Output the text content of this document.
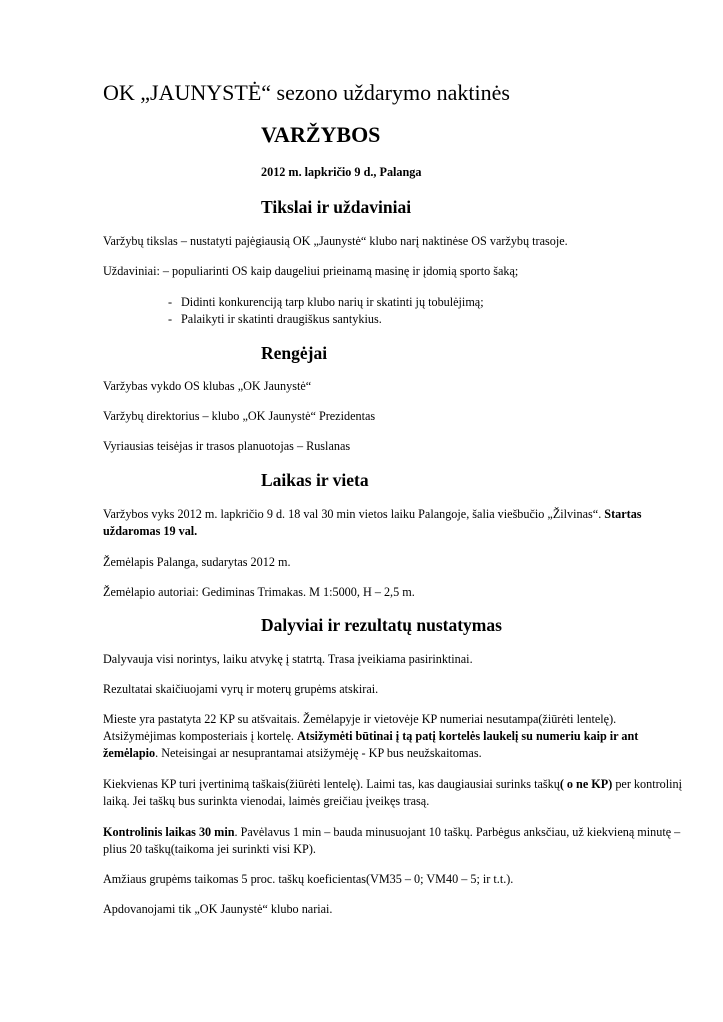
OK „JAUNYSTĖ“ sezono uždarymo naktinės
VARŽYBOS

2012 m. lapkričio 9 d., Palanga

Tikslai ir uždaviniai

Varžybų tikslas – nustatyti pajėgiausią OK „Jaunystė“ klubo narį naktinėse OS varžybų trasoje.

Uždaviniai: – populiarinti OS kaip daugeliui prieinamą masinę ir įdomią sporto šaką;

- Didinti konkurenciją tarp klubo narių ir skatinti jų tobulėjimą;

- Palaikyti ir skatinti draugiškus santykius.

Rengėjai

Varžybas vykdo OS klubas „OK Jaunystė“

Varžybų direktorius – klubo „OK Jaunystė“ Prezidentas

Vyriausias teisėjas ir trasos planuotojas – Ruslanas

Laikas ir vieta

Varžybos vyks 2012 m. lapkričio 9 d. 18 val 30 min vietos laiku Palangoje, šalia viešbučio „Žilvinas“. Startas uždaromas 19 val.

Žemėlapis Palanga, sudarytas 2012 m.

Žemėlapio autoriai: Gediminas Trimakas. M 1:5000, H – 2,5 m.

Dalyviai ir rezultatų nustatymas

Dalyvauja visi norintys, laiku atvykę į statrtą. Trasa įveikiama pasirinktinai.

Rezultatai skaičiuojami vyrų ir moterų grupėms atskirai.

Mieste yra pastatyta 22 KP su atšvaitais. Žemėlapyje ir vietovėje KP numeriai nesutampa(žiūrėti lentelę). Atsižymėjimas komposteriais į kortelę. Atsižymėti būtinai į tą patį kortelės laukelį su numeriu kaip ir ant žemėlapio. Neteisingai ar nesuprantamai atsižymėję - KP bus neužskaitomas.

Kiekvienas KP turi įvertinimą taškais(žiūrėti lentelę). Laimi tas, kas daugiausiai surinks taškų( o ne KP) per kontrolinį laiką. Jei taškų bus surinkta vienodai, laimės greičiau įveikęs trasą.

Kontrolinis laikas 30 min. Pavėlavus 1 min – bauda minusuojant 10 taškų. Parbėgus anksčiau, už kiekvieną minutę – plius 20 taškų(taikoma jei surinkti visi KP).

Amžiaus grupėms taikomas 5 proc. taškų koeficientas(VM35 – 0; VM40 – 5; ir t.t.).

Apdovanojami tik „OK Jaunystė“ klubo nariai.
